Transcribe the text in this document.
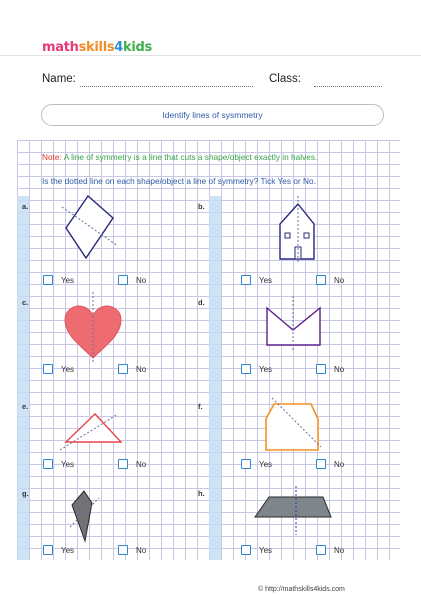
mathskills4kids
Name:	Class:
Identify lines of sysmmetry
Note: A line of symmetry is a line that cuts a shape/object exactly in halves.
Is the dotted line on each shape/object a line of symmetry? Tick Yes or No.
a.	b.
c.	d.
e.	f.
g.	h.
Yes	No	Yes	No
Yes	No	Yes	No
Yes	No	Yes	No
Yes	No	Yes	No
© http://mathskills4kids.com
